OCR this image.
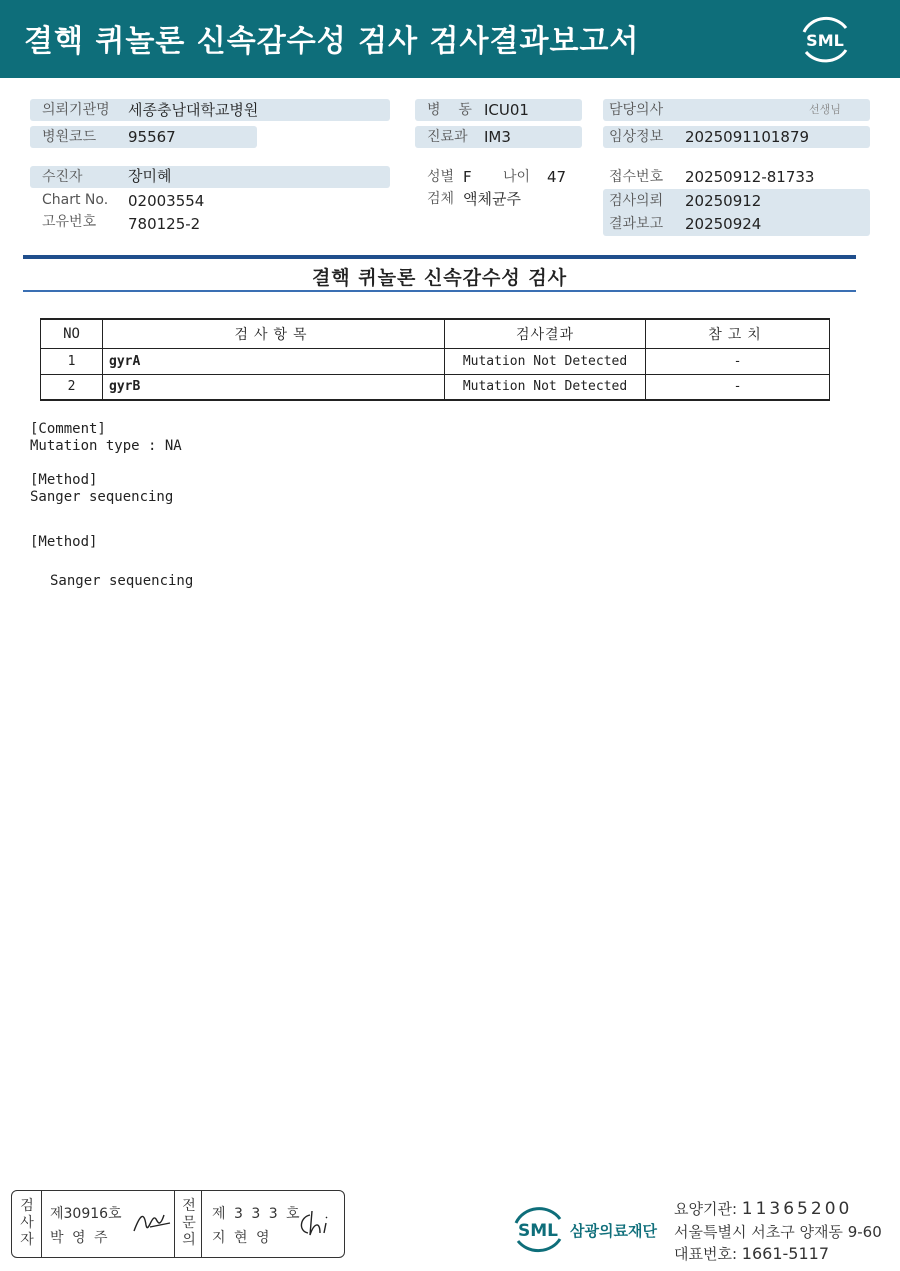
결핵 퀴놀론 신속감수성 검사 검사결과보고서	SML
의뢰기관명 세종충남대학교병원
병원코드 95567
수진자	장미혜
Chart No. 02003554
고유번호 780125-2
병    동 ICU01
진료과 IM3
성별 F 나이 47
검체 액체균주
담당의사	선생님
임상정보 2025091101879
접수번호 20250912-81733
검사의뢰 20250912
결과보고 20250924
결핵 퀴놀론 신속감수성 검사
NO	검사항목	검사결과	참고치
1	gyrA	Mutation Not Detected	-
2	gyrB	Mutation Not Detected	-
[Comment]
Mutation type : NA
[Method]
Sanger sequencing
[Method]
Sanger sequencing
검사자
제30916호
박 영 주
전문의
제 3 3 3 호
지 현 영	SML 삼광의료재단
요양기관: 11365200
서울특별시 서초구 양재동 9-60
대표번호: 1661-5117
